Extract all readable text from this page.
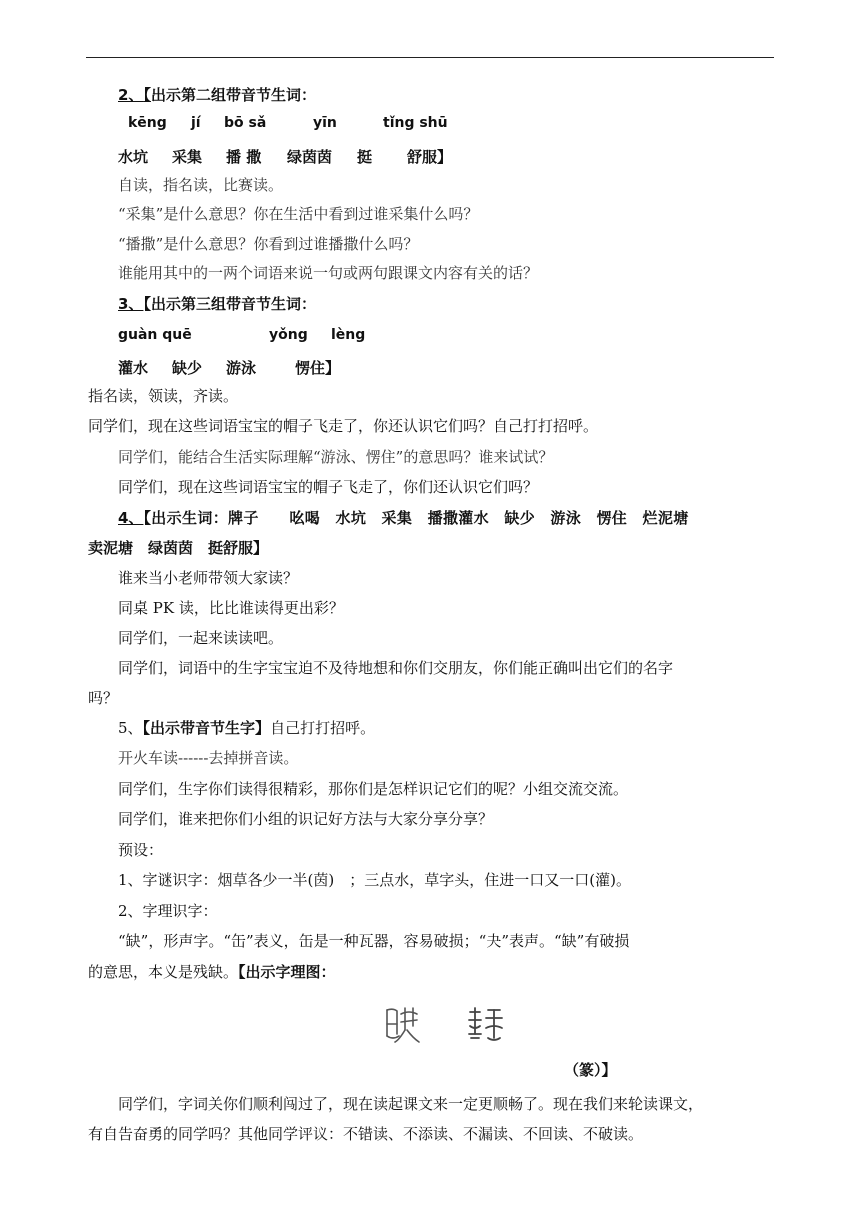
2、【出示第二组带音节生词：
kēng jí bō sǎ	yīn	tǐng shū
水坑 采集 播 撒 绿茵茵 挺 舒服】
自读，指名读，比赛读。
“采集”是什么意思？你在生活中看到过谁采集什么吗？
“播撒”是什么意思？你看到过谁播撒什么吗？
谁能用其中的一两个词语来说一句或两句跟课文内容有关的话？
3、【出示第三组带音节生词：
guàn quē	yǒng lèng
灌水 缺少 游泳	愣住】
指名读，领读，齐读。
同学们，现在这些词语宝宝的帽子飞走了，你还认识它们吗？自己打打招呼。
同学们，能结合生活实际理解“游泳、愣住”的意思吗？谁来试试？
同学们，现在这些词语宝宝的帽子飞走了，你们还认识它们吗？
4、【出示生词：牌子　　吆喝　水坑　采集　播撒灌水　缺少　游泳　愣住　烂泥塘
卖泥塘　绿茵茵　挺舒服】
谁来当小老师带领大家读？
同桌 PK 读，比比谁读得更出彩？
同学们，一起来读读吧。
同学们，词语中的生字宝宝迫不及待地想和你们交朋友，你们能正确叫出它们的名字
吗？
5、【出示带音节生字】自己打打招呼。
开火车读------去掉拼音读。
同学们，生字你们读得很精彩，那你们是怎样识记它们的呢？小组交流交流。
同学们，谁来把你们小组的识记好方法与大家分享分享？
预设：
1、字谜识字：烟草各少一半(茵)　；三点水，草字头，住进一口又一口(灌)。
2、字理识字：
“缺”，形声字。“缶”表义，缶是一种瓦器，容易破损；“夬”表声。“缺”有破损
的意思，本义是残缺。【出示字理图：
（篆）】
同学们，字词关你们顺利闯过了，现在读起课文来一定更顺畅了。现在我们来轮读课文，
有自告奋勇的同学吗？其他同学评议：不错读、不添读、不漏读、不回读、不破读。
